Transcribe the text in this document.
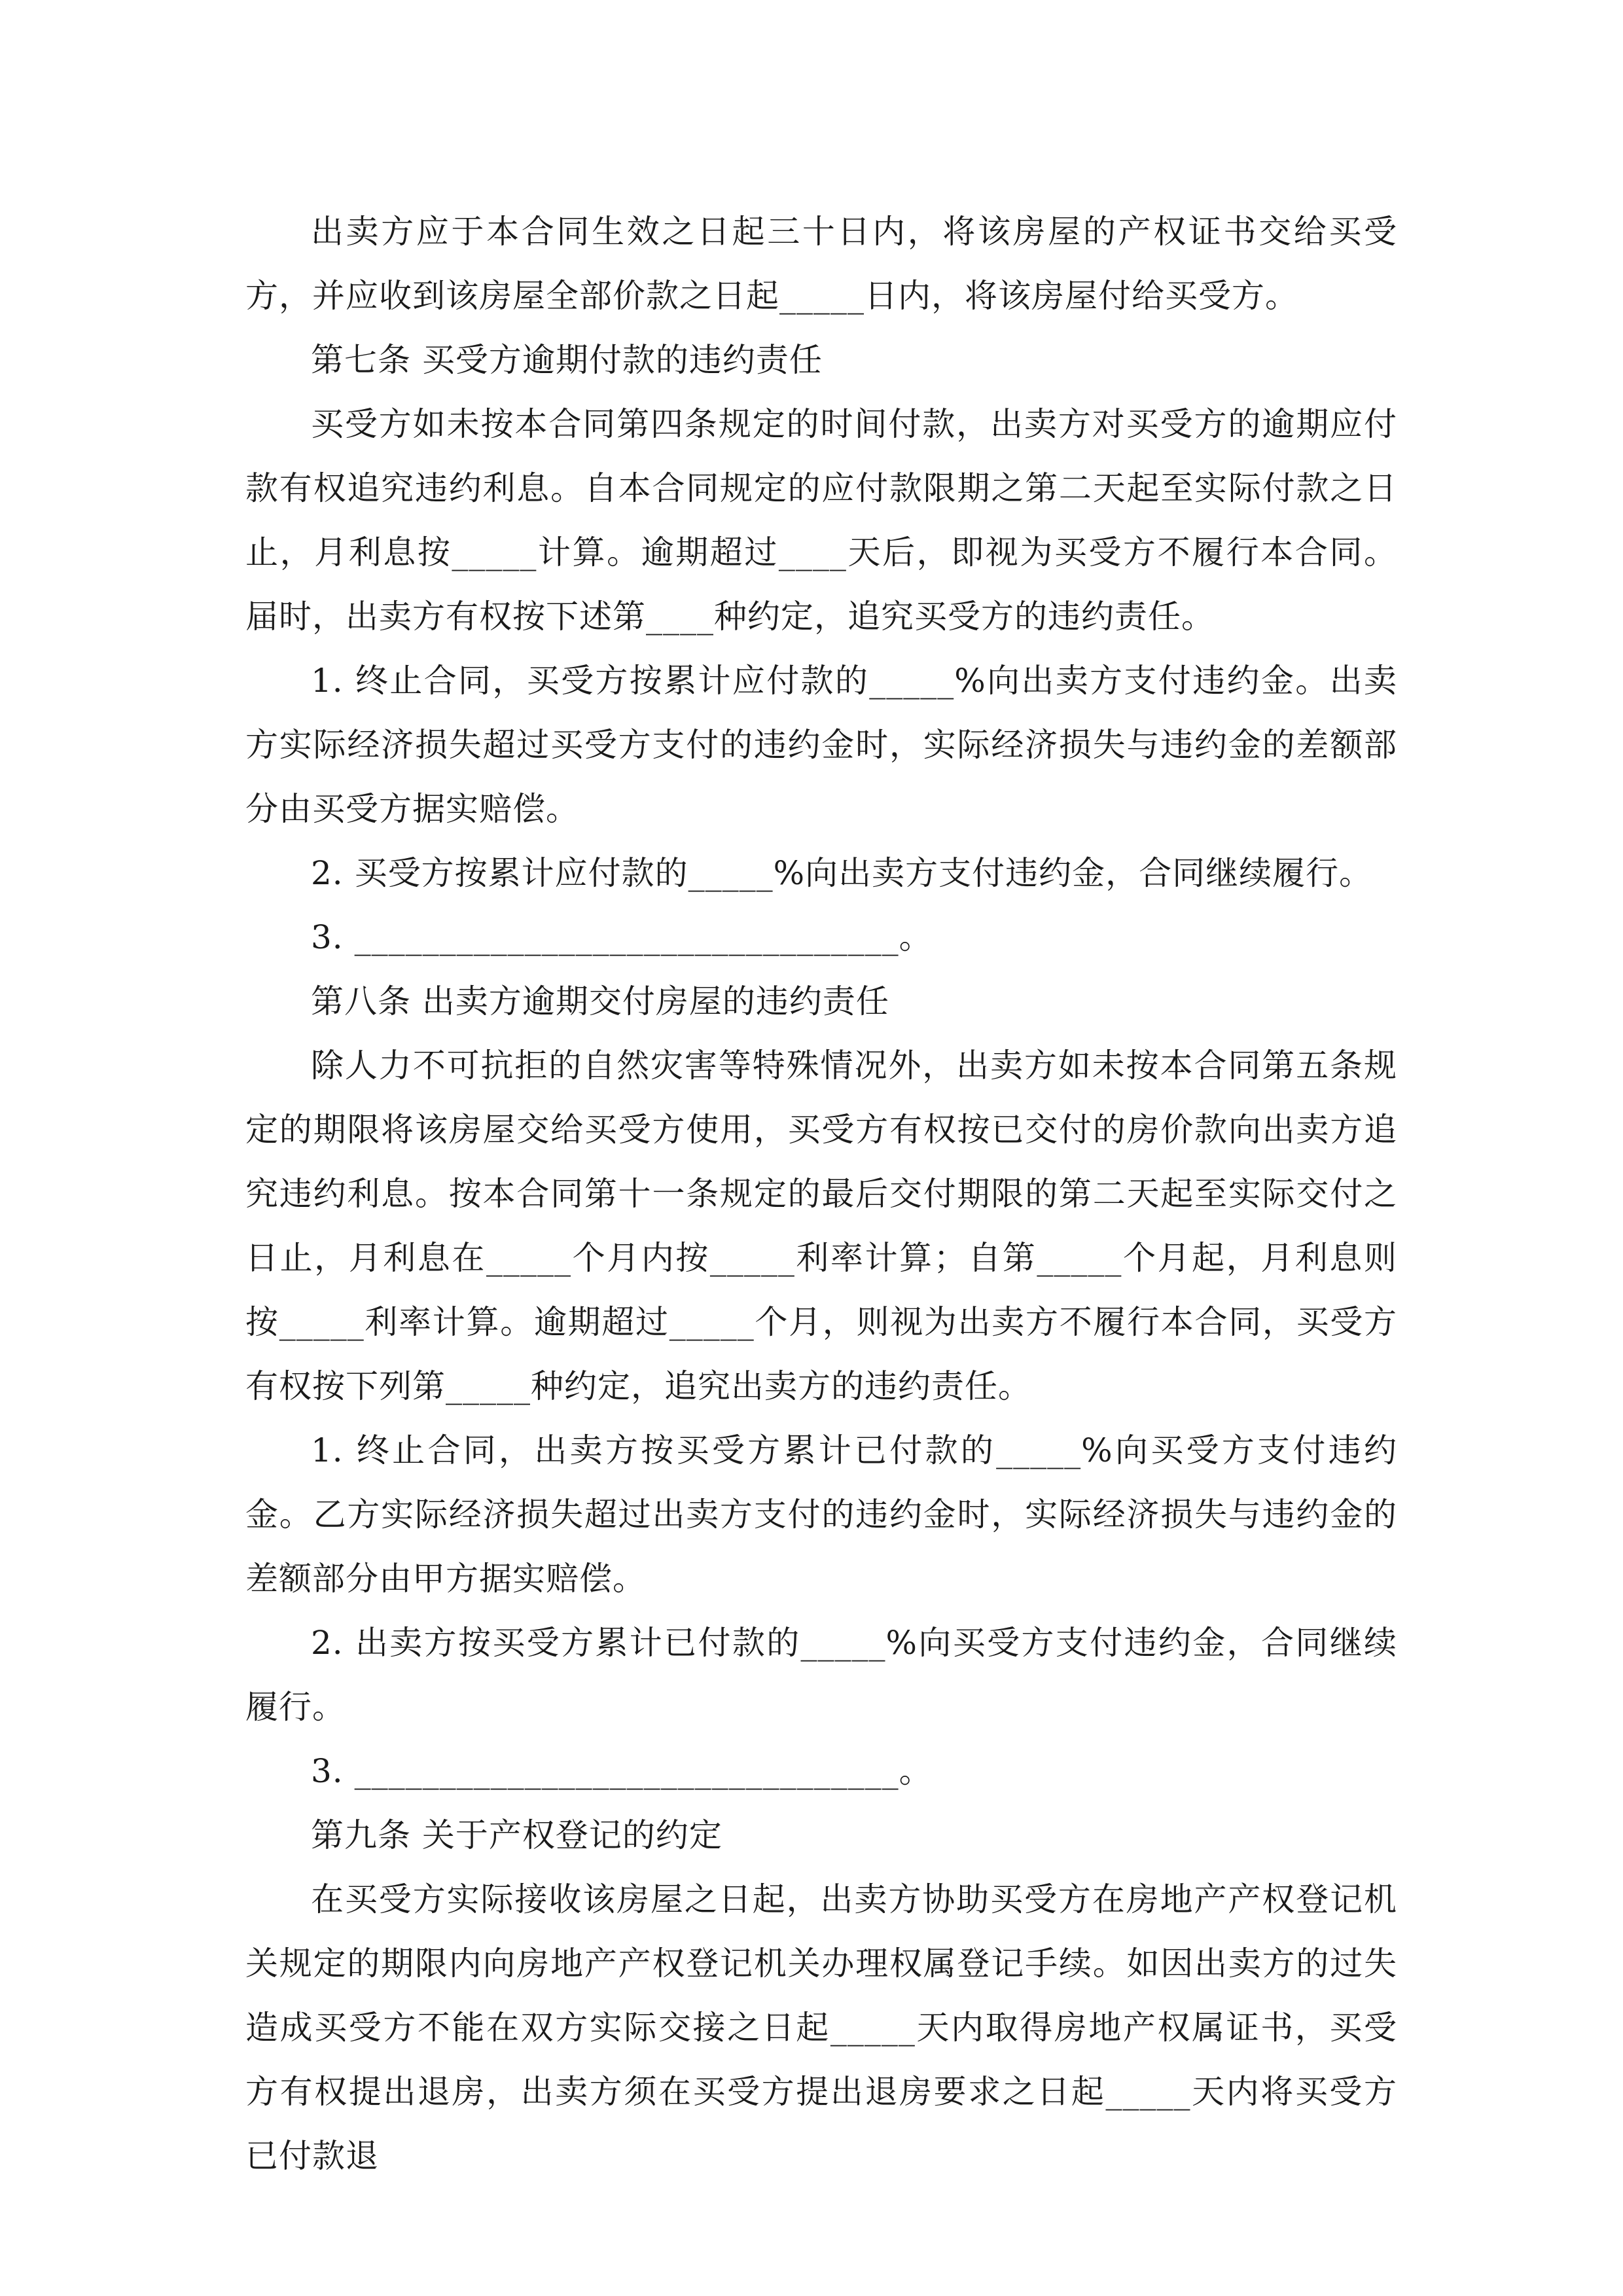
出卖方应于本合同生效之日起三十日内，将该房屋的产权证书交给买受方，并应收到该房屋全部价款之日起_____日内，将该房屋付给买受方。

第七条 买受方逾期付款的违约责任

买受方如未按本合同第四条规定的时间付款，出卖方对买受方的逾期应付款有权追究违约利息。自本合同规定的应付款限期之第二天起至实际付款之日止，月利息按_____计算。逾期超过____天后，即视为买受方不履行本合同。届时，出卖方有权按下述第____种约定，追究买受方的违约责任。

1. 终止合同，买受方按累计应付款的_____%向出卖方支付违约金。出卖方实际经济损失超过买受方支付的违约金时，实际经济损失与违约金的差额部分由买受方据实赔偿。

2. 买受方按累计应付款的_____%向出卖方支付违约金，合同继续履行。

3. ________________________________。

第八条 出卖方逾期交付房屋的违约责任

除人力不可抗拒的自然灾害等特殊情况外，出卖方如未按本合同第五条规定的期限将该房屋交给买受方使用，买受方有权按已交付的房价款向出卖方追究违约利息。按本合同第十一条规定的最后交付期限的第二天起至实际交付之日止，月利息在_____个月内按_____利率计算；自第_____个月起，月利息则按_____利率计算。逾期超过_____个月，则视为出卖方不履行本合同，买受方有权按下列第_____种约定，追究出卖方的违约责任。

1. 终止合同，出卖方按买受方累计已付款的_____%向买受方支付违约金。乙方实际经济损失超过出卖方支付的违约金时，实际经济损失与违约金的差额部分由甲方据实赔偿。

2. 出卖方按买受方累计已付款的_____%向买受方支付违约金，合同继续履行。

3. ________________________________。

第九条 关于产权登记的约定

在买受方实际接收该房屋之日起，出卖方协助买受方在房地产产权登记机关规定的期限内向房地产产权登记机关办理权属登记手续。如因出卖方的过失造成买受方不能在双方实际交接之日起_____天内取得房地产权属证书，买受方有权提出退房，出卖方须在买受方提出退房要求之日起_____天内将买受方已付款退
